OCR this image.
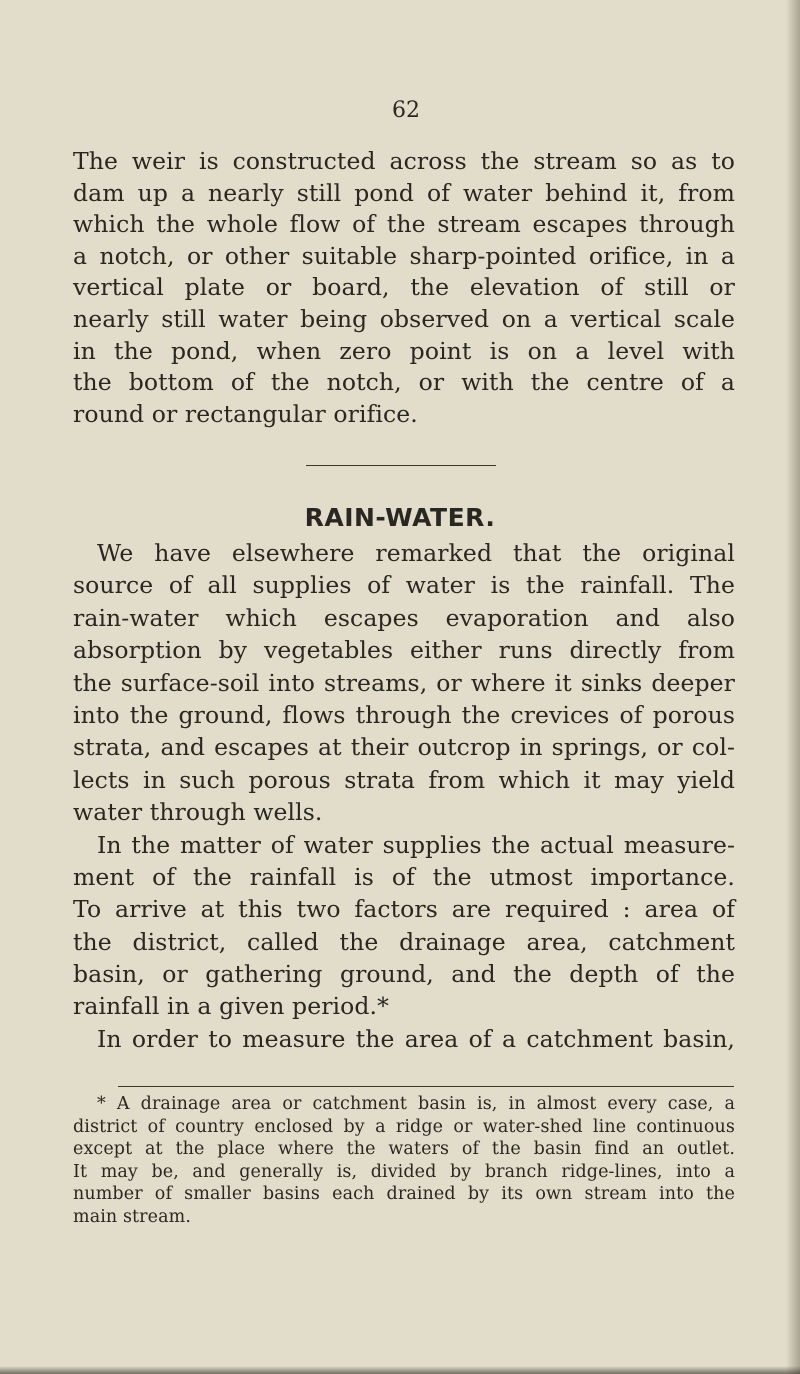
62
The weir is constructed across the stream so as to
dam up a nearly still pond of water behind it, from
which the whole flow of the stream escapes through
a notch, or other suitable sharp-pointed orifice, in a
vertical plate or board, the elevation of still or
nearly still water being observed on a vertical scale
in the pond, when zero point is on a level with
the bottom of the notch, or with the centre of a
round or rectangular orifice.
RAIN-WATER.
We have elsewhere remarked that the original
source of all supplies of water is the rainfall. The
rain-water which escapes evaporation and also
absorption by vegetables either runs directly from
the surface-soil into streams, or where it sinks deeper
into the ground, flows through the crevices of porous
strata, and escapes at their outcrop in springs, or col-
lects in such porous strata from which it may yield
water through wells.
In the matter of water supplies the actual measure-
ment of the rainfall is of the utmost importance.
To arrive at this two factors are required : area of
the district, called the drainage area, catchment
basin, or gathering ground, and the depth of the
rainfall in a given period.*
In order to measure the area of a catchment basin,
* A drainage area or catchment basin is, in almost every case, a
district of country enclosed by a ridge or water-shed line continuous
except at the place where the waters of the basin find an outlet.
It may be, and generally is, divided by branch ridge-lines, into a
number of smaller basins each drained by its own stream into the
main stream.
